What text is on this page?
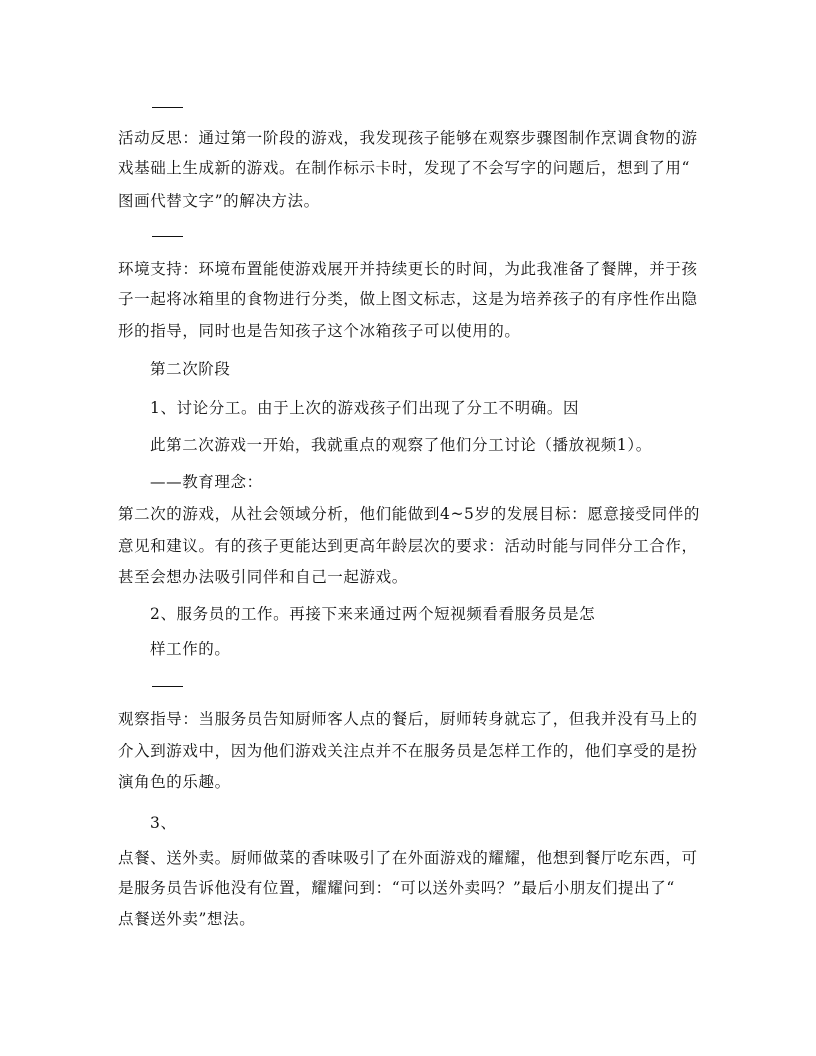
活动反思：通过第一阶段的游戏，我发现孩子能够在观察步骤图制作烹调食物的游
戏基础上生成新的游戏。在制作标示卡时，发现了不会写字的问题后，想到了用“
图画代替文字”的解决方法。
环境支持：环境布置能使游戏展开并持续更长的时间，为此我准备了餐牌，并于孩
子一起将冰箱里的食物进行分类，做上图文标志，这是为培养孩子的有序性作出隐
形的指导，同时也是告知孩子这个冰箱孩子可以使用的。
第二次阶段
1、讨论分工。由于上次的游戏孩子们出现了分工不明确。因
此第二次游戏一开始，我就重点的观察了他们分工讨论（播放视频1）。
——教育理念：
第二次的游戏，从社会领域分析，他们能做到4~5岁的发展目标：愿意接受同伴的
意见和建议。有的孩子更能达到更高年龄层次的要求：活动时能与同伴分工合作，
甚至会想办法吸引同伴和自己一起游戏。
2、服务员的工作。再接下来来通过两个短视频看看服务员是怎
样工作的。
观察指导：当服务员告知厨师客人点的餐后，厨师转身就忘了，但我并没有马上的
介入到游戏中，因为他们游戏关注点并不在服务员是怎样工作的，他们享受的是扮
演角色的乐趣。
3、
点餐、送外卖。厨师做菜的香味吸引了在外面游戏的耀耀，他想到餐厅吃东西，可
是服务员告诉他没有位置，耀耀问到：“可以送外卖吗？”最后小朋友们提出了“
点餐送外卖”想法。
